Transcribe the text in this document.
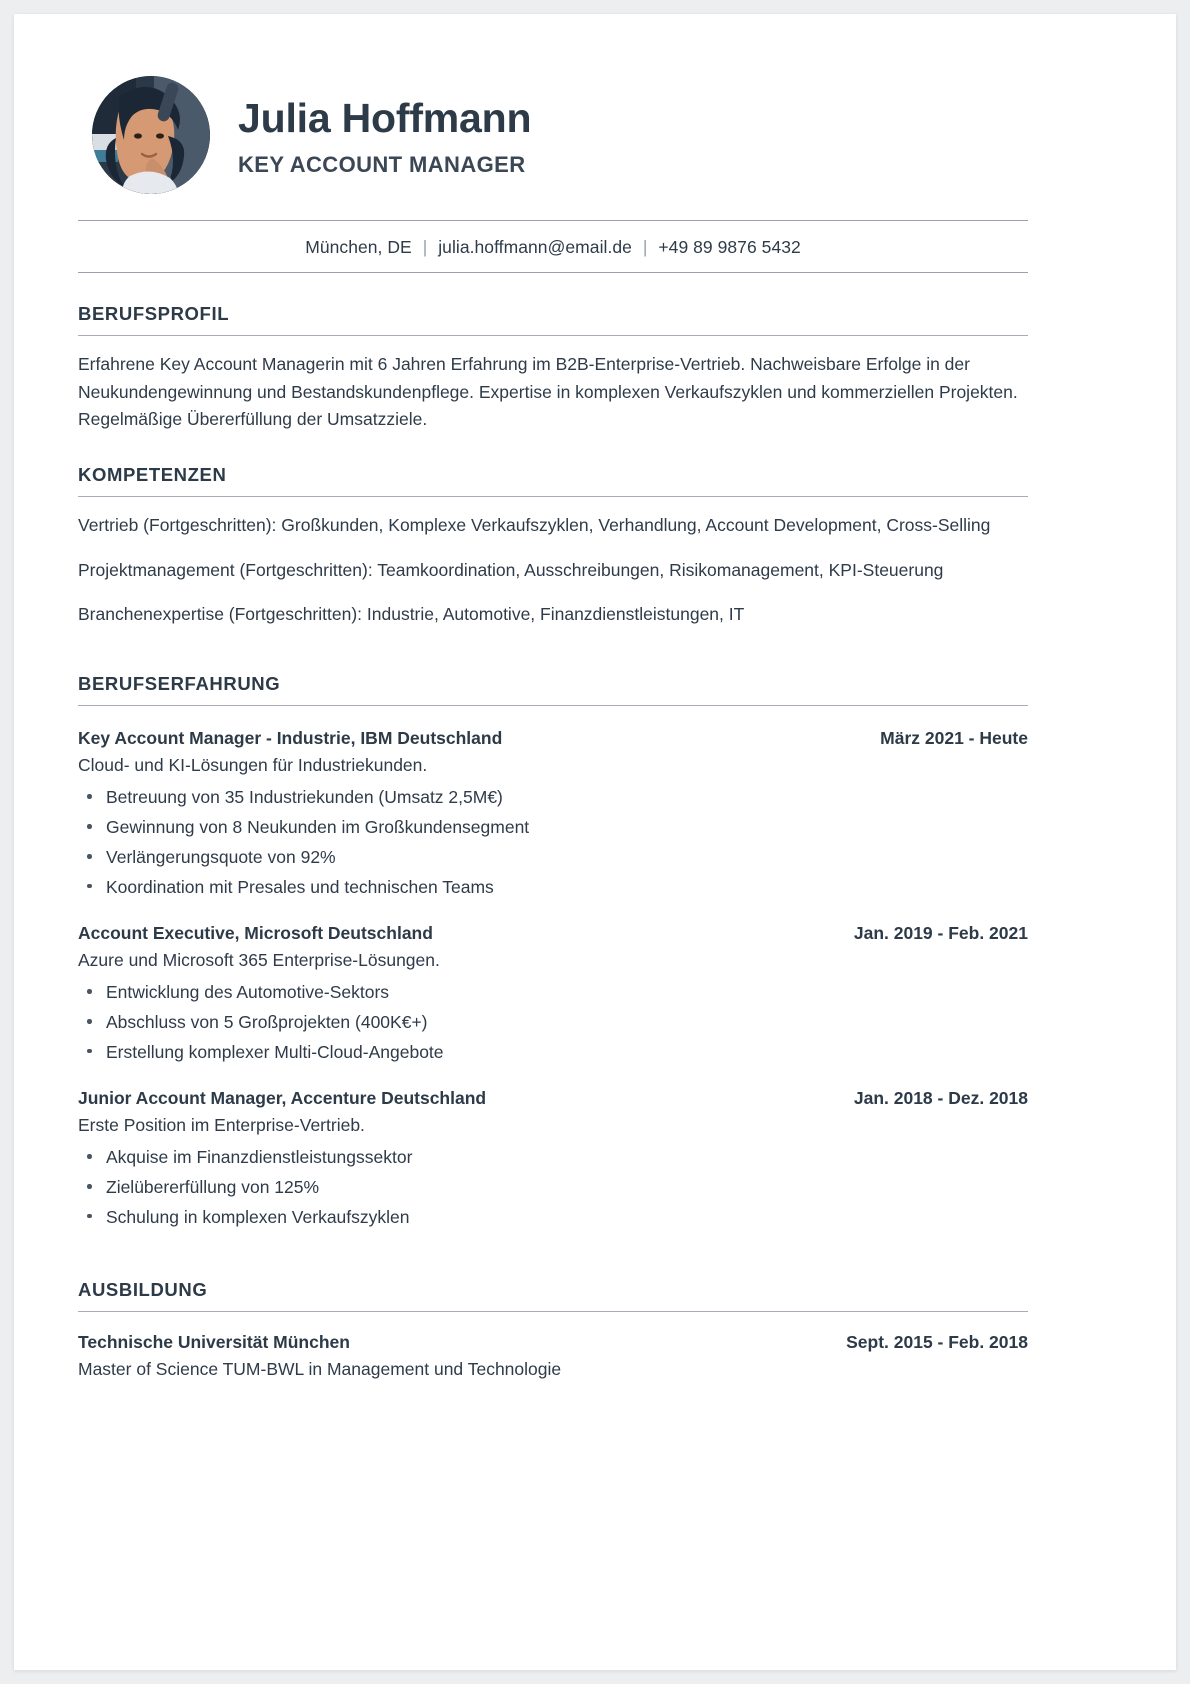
Julia Hoffmann
KEY ACCOUNT MANAGER
München, DE | julia.hoffmann@email.de | +49 89 9876 5432
BERUFSPROFIL

Erfahrene Key Account Managerin mit 6 Jahren Erfahrung im B2B-Enterprise-Vertrieb. Nachweisbare Erfolge in der Neukundengewinnung und Bestandskundenpflege. Expertise in komplexen Verkaufszyklen und kommerziellen Projekten. Regelmäßige Übererfüllung der Umsatzziele.

KOMPETENZEN

Vertrieb (Fortgeschritten): Großkunden, Komplexe Verkaufszyklen, Verhandlung, Account Development, Cross-Selling

Projektmanagement (Fortgeschritten): Teamkoordination, Ausschreibungen, Risikomanagement, KPI-Steuerung

Branchenexpertise (Fortgeschritten): Industrie, Automotive, Finanzdienstleistungen, IT

BERUFSERFAHRUNG
Key Account Manager - Industrie, IBM Deutschland	März 2021 - Heute
Cloud- und KI-Lösungen für Industriekunden.
Betreuung von 35 Industriekunden (Umsatz 2,5M€)
Gewinnung von 8 Neukunden im Großkundensegment
Verlängerungsquote von 92%
Koordination mit Presales und technischen Teams
Account Executive, Microsoft Deutschland	Jan. 2019 - Feb. 2021
Azure und Microsoft 365 Enterprise-Lösungen.
Entwicklung des Automotive-Sektors
Abschluss von 5 Großprojekten (400K€+)
Erstellung komplexer Multi-Cloud-Angebote
Junior Account Manager, Accenture Deutschland	Jan. 2018 - Dez. 2018
Erste Position im Enterprise-Vertrieb.
Akquise im Finanzdienstleistungssektor
Zielübererfüllung von 125%
Schulung in komplexen Verkaufszyklen
AUSBILDUNG
Technische Universität München	Sept. 2015 - Feb. 2018
Master of Science TUM-BWL in Management und Technologie
